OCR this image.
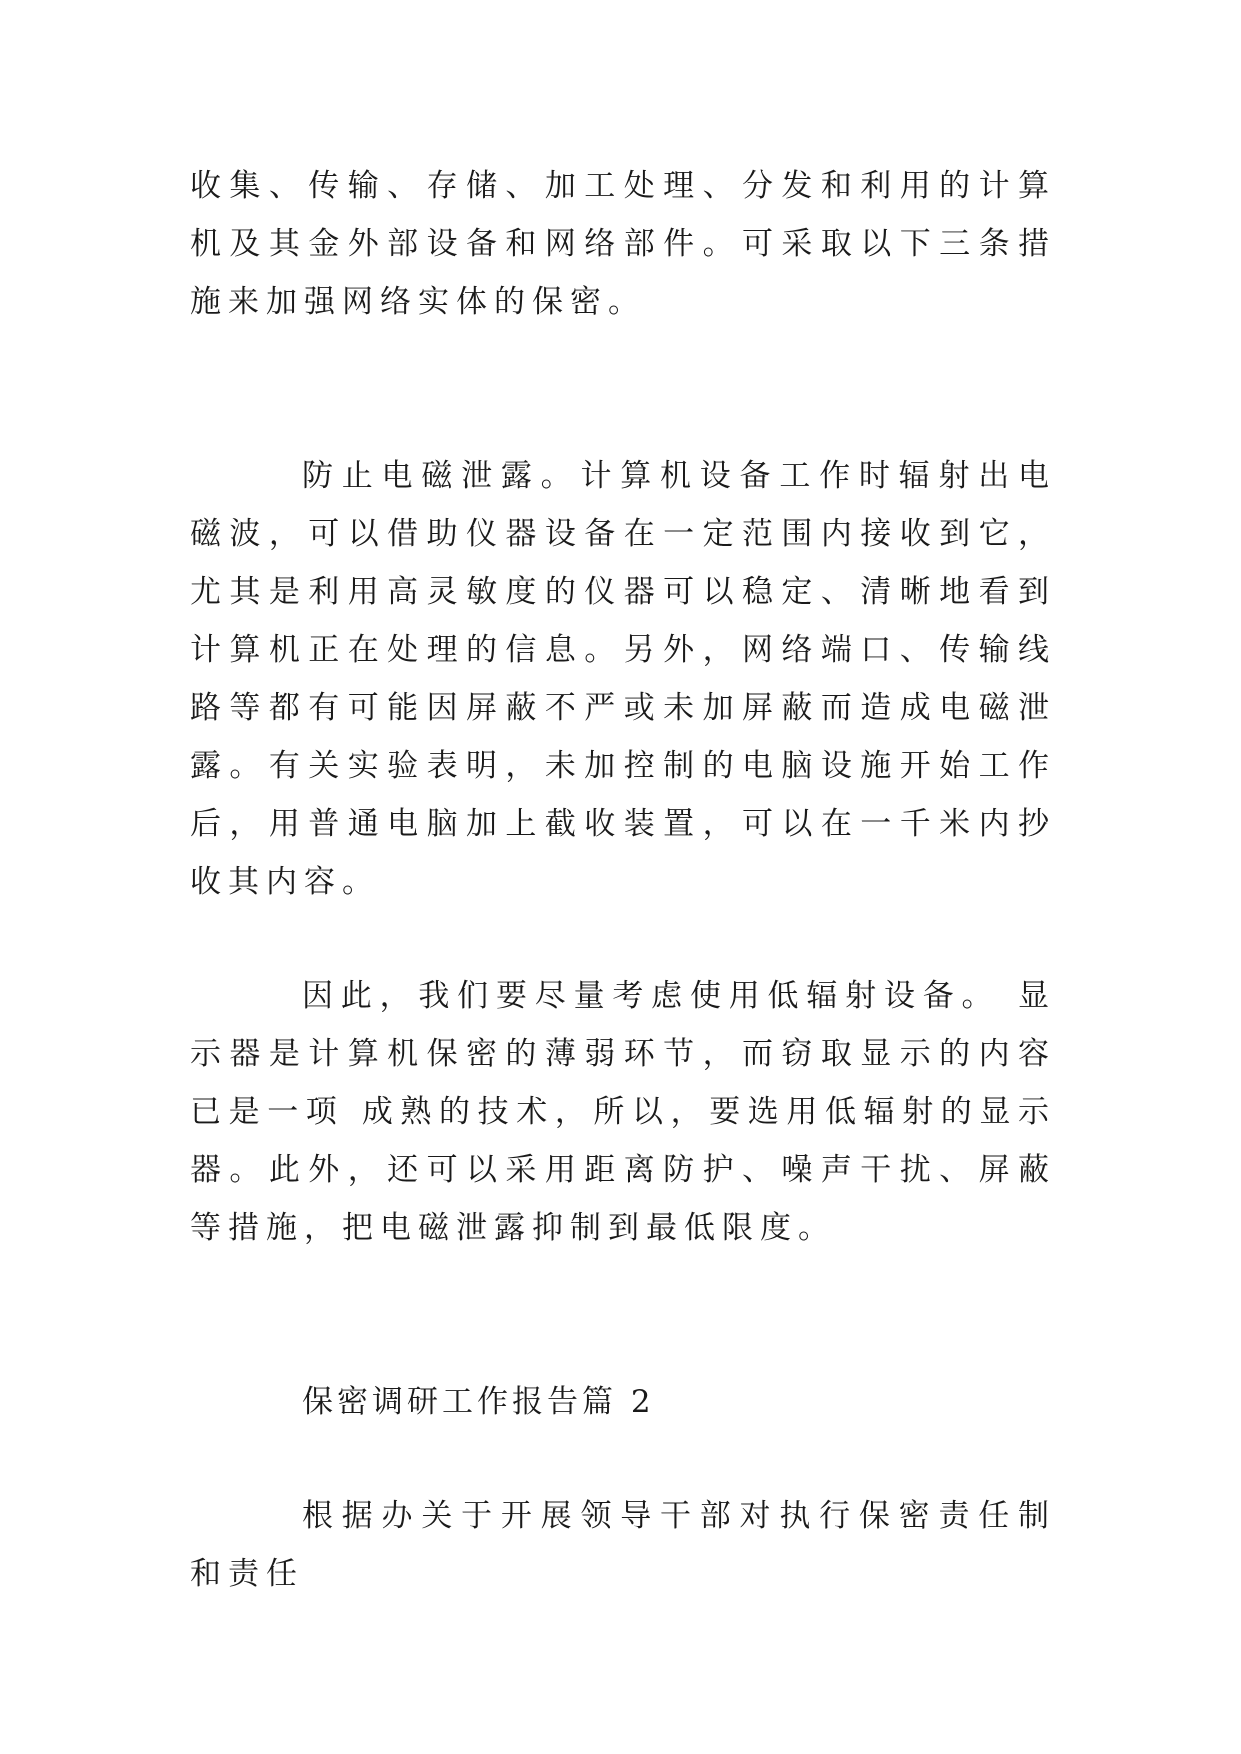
收集、传输、存储、加工处理、分发和利用的计算机及其金外部设备和网络部件。可采取以下三条措施来加强网络实体的保密。

防止电磁泄露。计算机设备工作时辐射出电磁波，可以借助仪器设备在一定范围内接收到它，尤其是利用高灵敏度的仪器可以稳定、清晰地看到计算机正在处理的信息。另外，网络端口、传输线路等都有可能因屏蔽不严或未加屏蔽而造成电磁泄露。有关实验表明，未加控制的电脑设施开始工作后，用普通电脑加上截收装置，可以在一千米内抄收其内容。

因此，我们要尽量考虑使用低辐射设备。 显示器是计算机保密的薄弱环节，而窃取显示的内容已是一项 成熟的技术，所以，要选用低辐射的显示器。此外，还可以采用距离防护、噪声干扰、屏蔽等措施，把电磁泄露抑制到最低限度。

保密调研工作报告篇 2

根据办关于开展领导干部对执行保密责任制和责任
